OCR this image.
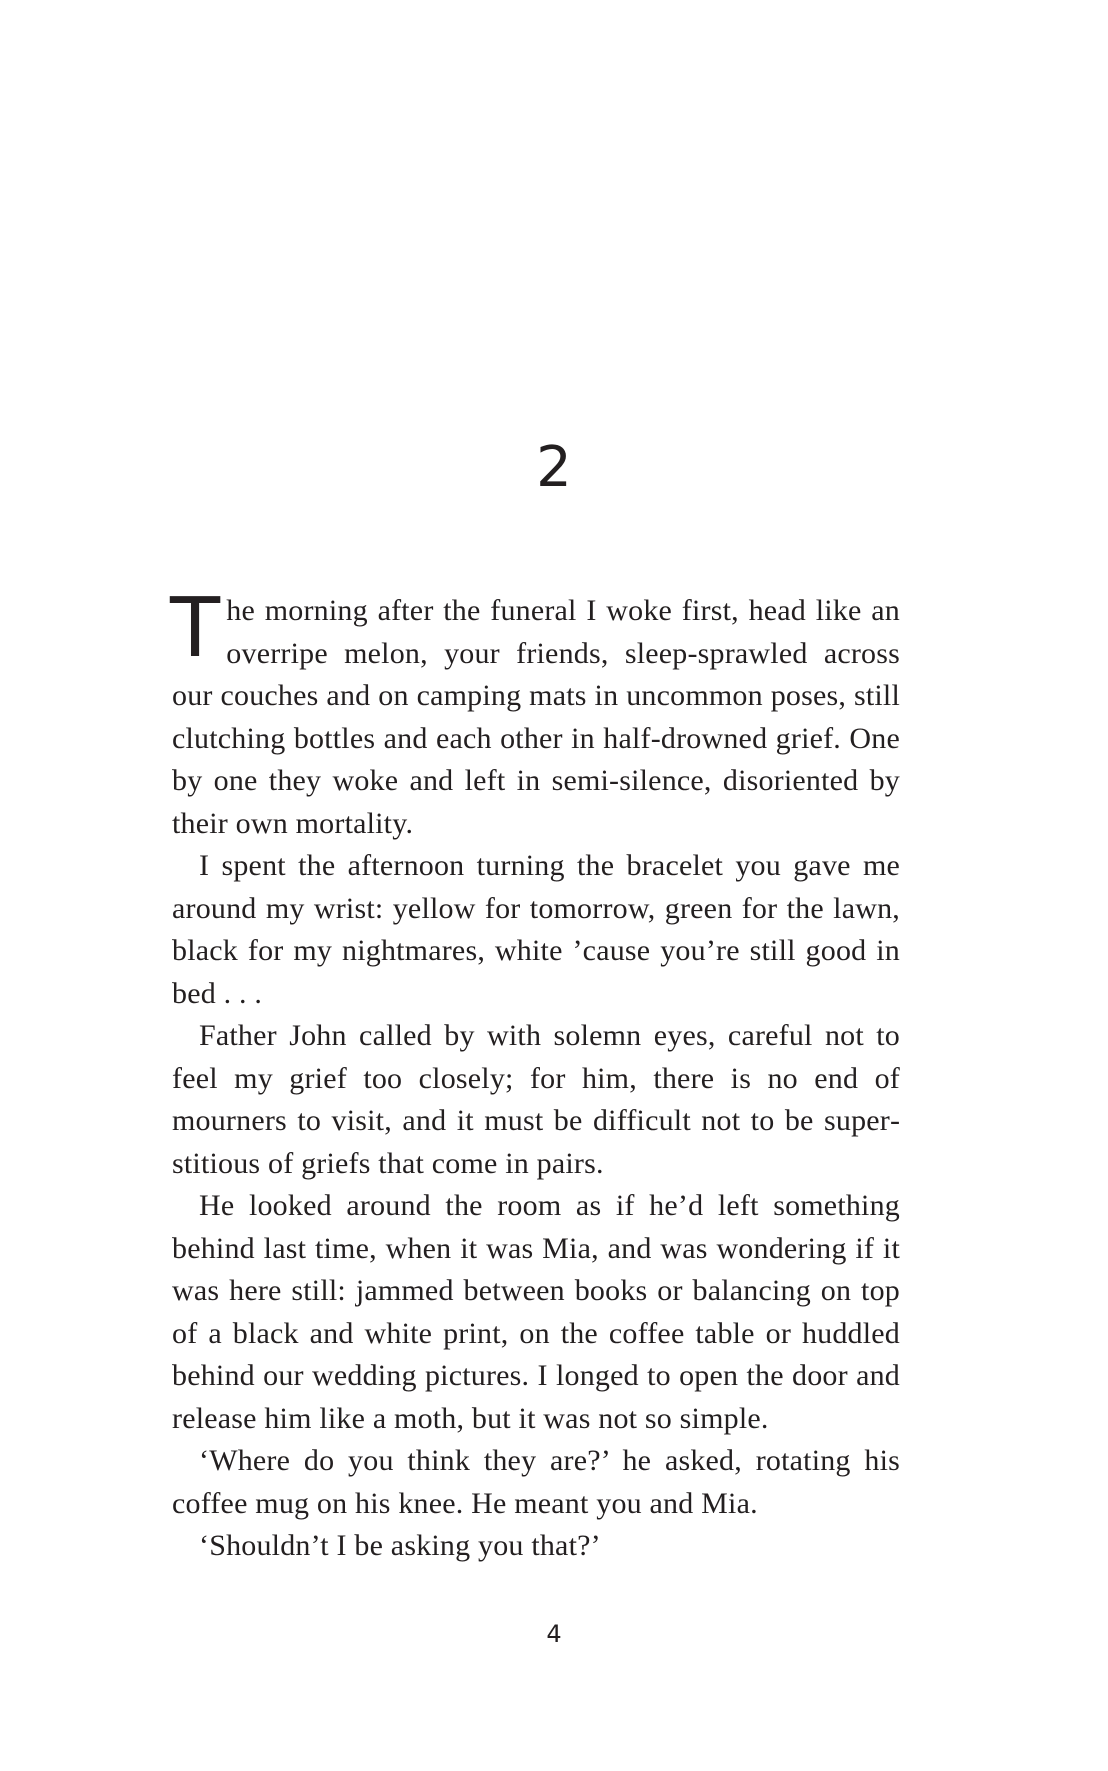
2

The morning after the funeral I woke first, head like an overripe melon, your friends, sleep-sprawled across our couches and on camping mats in uncommon poses, still clutching bottles and each other in half-drowned grief. One by one they woke and left in semi-silence, disoriented by their own mortality.

I spent the afternoon turning the bracelet you gave me around my wrist: yellow for tomorrow, green for the lawn, black for my nightmares, white ’cause you’re still good in bed . . .

Father John called by with solemn eyes, careful not to feel my grief too closely; for him, there is no end of mourners to visit, and it must be difficult not to be superstitious of griefs that come in pairs.

He looked around the room as if he’d left something behind last time, when it was Mia, and was wondering if it was here still: jammed between books or balancing on top of a black and white print, on the coffee table or huddled behind our wedding pictures. I longed to open the door and release him like a moth, but it was not so simple.

‘Where do you think they are?’ he asked, rotating his coffee mug on his knee. He meant you and Mia.

‘Shouldn’t I be asking you that?’

4
